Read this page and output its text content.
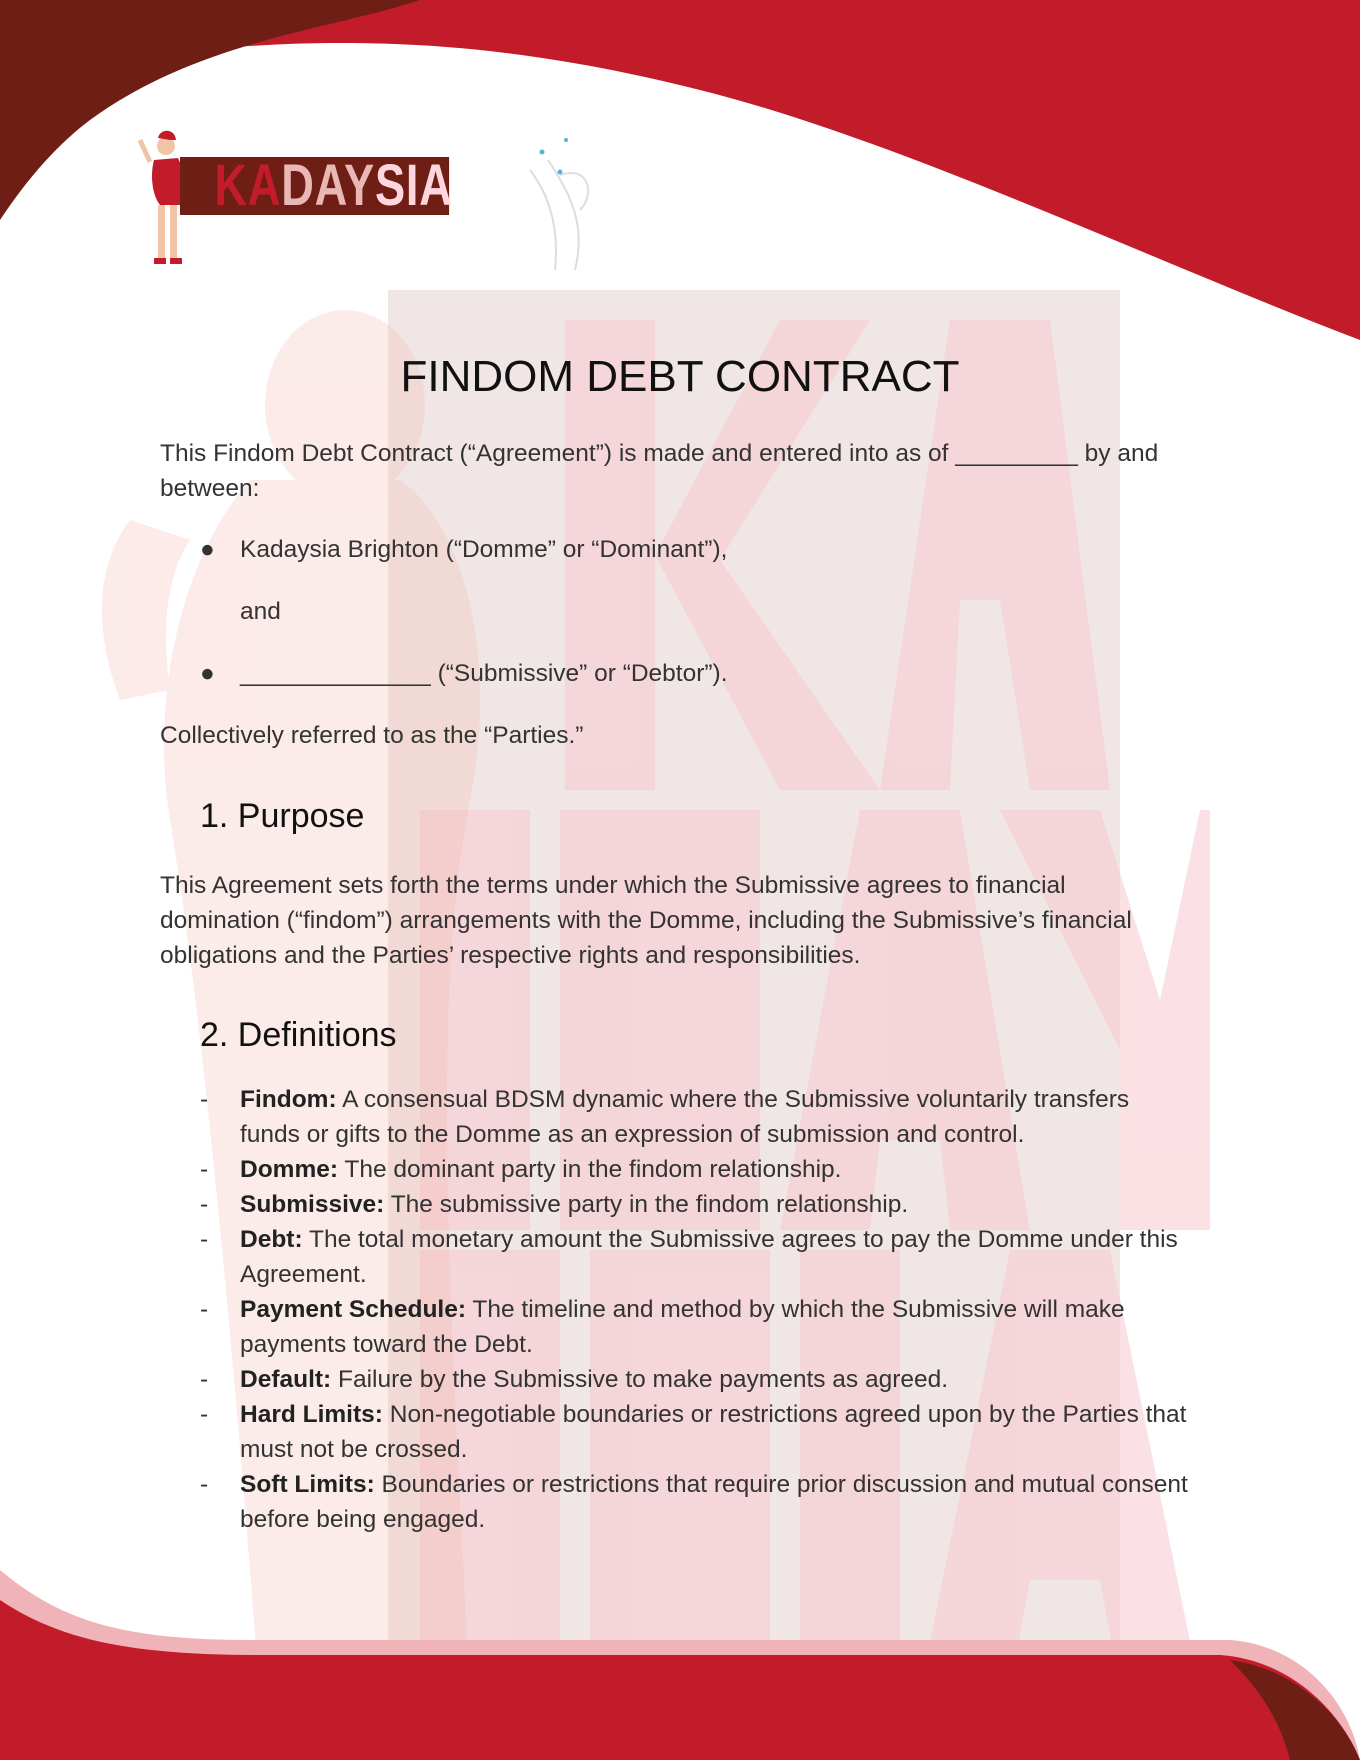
KADAYSIA
FINDOM DEBT CONTRACT

This Findom Debt Contract (“Agreement”) is made and entered into as of _________ by and between:

● Kadaysia Brighton (“Domme” or “Dominant”),
and
● ______________ (“Submissive” or “Debtor”).

Collectively referred to as the “Parties.”

1. Purpose

This Agreement sets forth the terms under which the Submissive agrees to financial domination (“findom”) arrangements with the Domme, including the Submissive’s financial obligations and the Parties’ respective rights and responsibilities.

2. Definitions
- Findom: A consensual BDSM dynamic where the Submissive voluntarily transfers funds or gifts to the Domme as an expression of submission and control.
- Domme: The dominant party in the findom relationship.
- Submissive: The submissive party in the findom relationship.
- Debt: The total monetary amount the Submissive agrees to pay the Domme under this Agreement.
- Payment Schedule: The timeline and method by which the Submissive will make payments toward the Debt.
- Default: Failure by the Submissive to make payments as agreed.
- Hard Limits: Non-negotiable boundaries or restrictions agreed upon by the Parties that must not be crossed.
- Soft Limits: Boundaries or restrictions that require prior discussion and mutual consent before being engaged.
